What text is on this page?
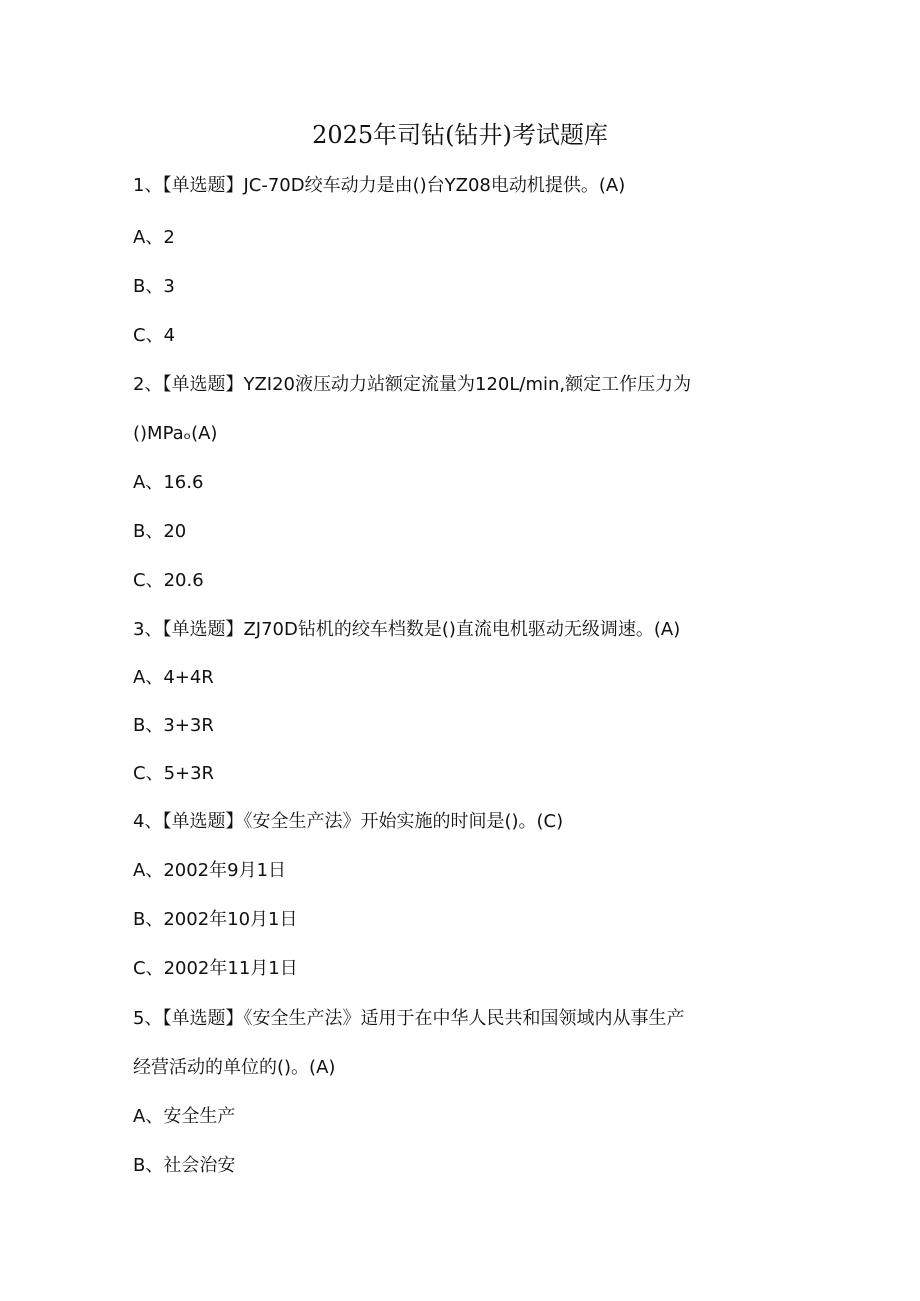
2025年司钻(钻井)考试题库
1、【单选题】JC-70D绞车动力是由()台YZ08电动机提供。(A)
A、2
B、3
C、4
2、【单选题】YZI20液压动力站额定流量为120L/min,额定工作压力为
()MPaₒ(A)
A、16.6
B、20
C、20.6
3、【单选题】ZJ70D钻机的绞车档数是()直流电机驱动无级调速。(A)
A、4+4R
B、3+3R
C、5+3R
4、【单选题】《安全生产法》开始实施的时间是()。(C)
A、2002年9月1日
B、2002年10月1日
C、2002年11月1日
5、【单选题】《安全生产法》适用于在中华人民共和国领域内从事生产
经营活动的单位的()。(A)
A、安全生产
B、社会治安
